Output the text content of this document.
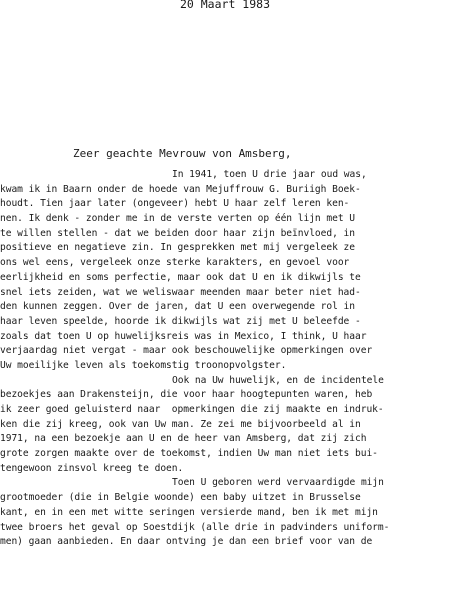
20 Maart 1983
Zeer geachte Mevrouw von Amsberg,
In 1941, toen U drie jaar oud was,
kwam ik in Baarn onder de hoede van Mejuffrouw G. Buriigh Boek-
houdt. Tien jaar later (ongeveer) hebt U haar zelf leren ken-
nen. Ik denk - zonder me in de verste verten op één lijn met U
te willen stellen - dat we beiden door haar zijn beïnvloed, in
positieve en negatieve zin. In gesprekken met mij vergeleek ze
ons wel eens, vergeleek onze sterke karakters, en gevoel voor
eerlijkheid en soms perfectie, maar ook dat U en ik dikwijls te
snel iets zeiden, wat we weliswaar meenden maar beter niet had-
den kunnen zeggen. Over de jaren, dat U een overwegende rol in
haar leven speelde, hoorde ik dikwijls wat zij met U beleefde -
zoals dat toen U op huwelijksreis was in Mexico, I think, U haar
verjaardag niet vergat - maar ook beschouwelijke opmerkingen over
Uw moeilijke leven als toekomstig troonopvolgster.
Ook na Uw huwelijk, en de incidentele
bezoekjes aan Drakensteijn, die voor haar hoogtepunten waren, heb
ik zeer goed geluisterd naar  opmerkingen die zij maakte en indruk-
ken die zij kreeg, ook van Uw man. Ze zei me bijvoorbeeld al in
1971, na een bezoekje aan U en de heer van Amsberg, dat zij zich
grote zorgen maakte over de toekomst, indien Uw man niet iets bui-
tengewoon zinsvol kreeg te doen.
Toen U geboren werd vervaardigde mijn
grootmoeder (die in Belgie woonde) een baby uitzet in Brusselse
kant, en in een met witte seringen versierde mand, ben ik met mijn
twee broers het geval op Soestdijk (alle drie in padvinders uniform-
men) gaan aanbieden. En daar ontving je dan een brief voor van de
